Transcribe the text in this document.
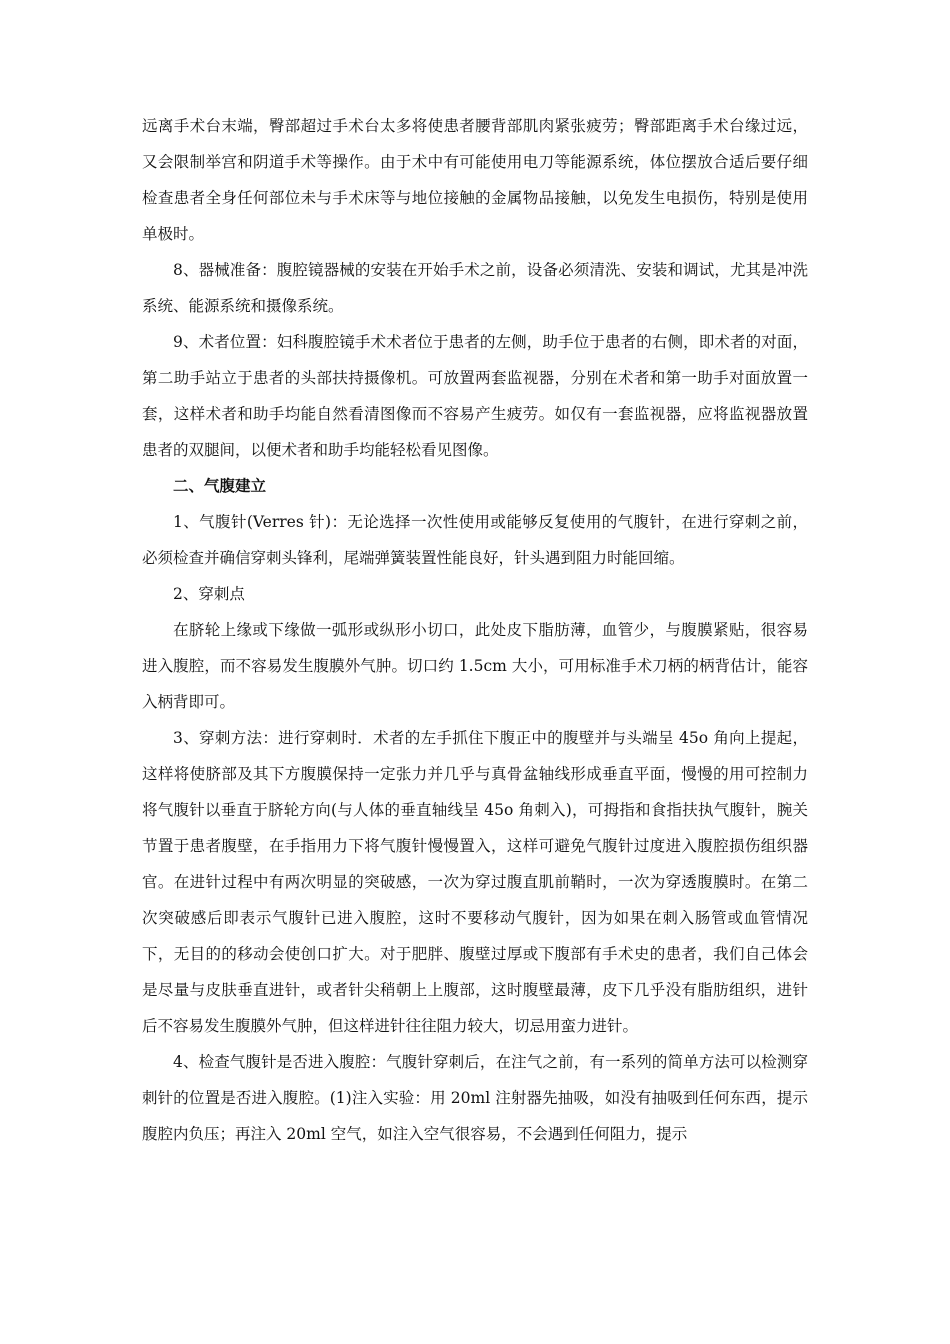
远离手术台末端，臀部超过手术台太多将使患者腰背部肌肉紧张疲劳；臀部距离手术台缘过远，又会限制举宫和阴道手术等操作。由于术中有可能使用电刀等能源系统，体位摆放合适后要仔细检查患者全身任何部位未与手术床等与地位接触的金属物品接触，以免发生电损伤，特别是使用单极时。

8、器械准备：腹腔镜器械的安装在开始手术之前，设备必须清洗、安装和调试，尤其是冲洗系统、能源系统和摄像系统。

9、术者位置：妇科腹腔镜手术术者位于患者的左侧，助手位于患者的右侧，即术者的对面，第二助手站立于患者的头部扶持摄像机。可放置两套监视器，分别在术者和第一助手对面放置一套，这样术者和助手均能自然看清图像而不容易产生疲劳。如仅有一套监视器，应将监视器放置患者的双腿间，以便术者和助手均能轻松看见图像。

二、气腹建立

1、气腹针(Verres 针)：无论选择一次性使用或能够反复使用的气腹针，在进行穿刺之前，必须检查并确信穿刺头锋利，尾端弹簧装置性能良好，针头遇到阻力时能回缩。

2、穿刺点

在脐轮上缘或下缘做一弧形或纵形小切口，此处皮下脂肪薄，血管少，与腹膜紧贴，很容易进入腹腔，而不容易发生腹膜外气肿。切口约 1.5cm 大小，可用标准手术刀柄的柄背估计，能容入柄背即可。

3、穿刺方法：进行穿刺时．术者的左手抓住下腹正中的腹壁并与头端呈 45o 角向上提起，这样将使脐部及其下方腹膜保持一定张力并几乎与真骨盆轴线形成垂直平面，慢慢的用可控制力将气腹针以垂直于脐轮方向(与人体的垂直轴线呈 45o 角刺入)，可拇指和食指扶执气腹针，腕关节置于患者腹壁，在手指用力下将气腹针慢慢置入，这样可避免气腹针过度进入腹腔损伤组织器官。在进针过程中有两次明显的突破感，一次为穿过腹直肌前鞘时，一次为穿透腹膜时。在第二次突破感后即表示气腹针已进入腹腔，这时不要移动气腹针，因为如果在刺入肠管或血管情况下，无目的的移动会使创口扩大。对于肥胖、腹壁过厚或下腹部有手术史的患者，我们自己体会是尽量与皮肤垂直进针，或者针尖稍朝上上腹部，这时腹壁最薄，皮下几乎没有脂肪组织，进针后不容易发生腹膜外气肿，但这样进针往往阻力较大，切忌用蛮力进针。

4、检查气腹针是否进入腹腔：气腹针穿刺后，在注气之前，有一系列的简单方法可以检测穿刺针的位置是否进入腹腔。(1)注入实验：用 20ml 注射器先抽吸，如没有抽吸到任何东西，提示腹腔内负压；再注入 20ml 空气，如注入空气很容易，不会遇到任何阻力，提示
